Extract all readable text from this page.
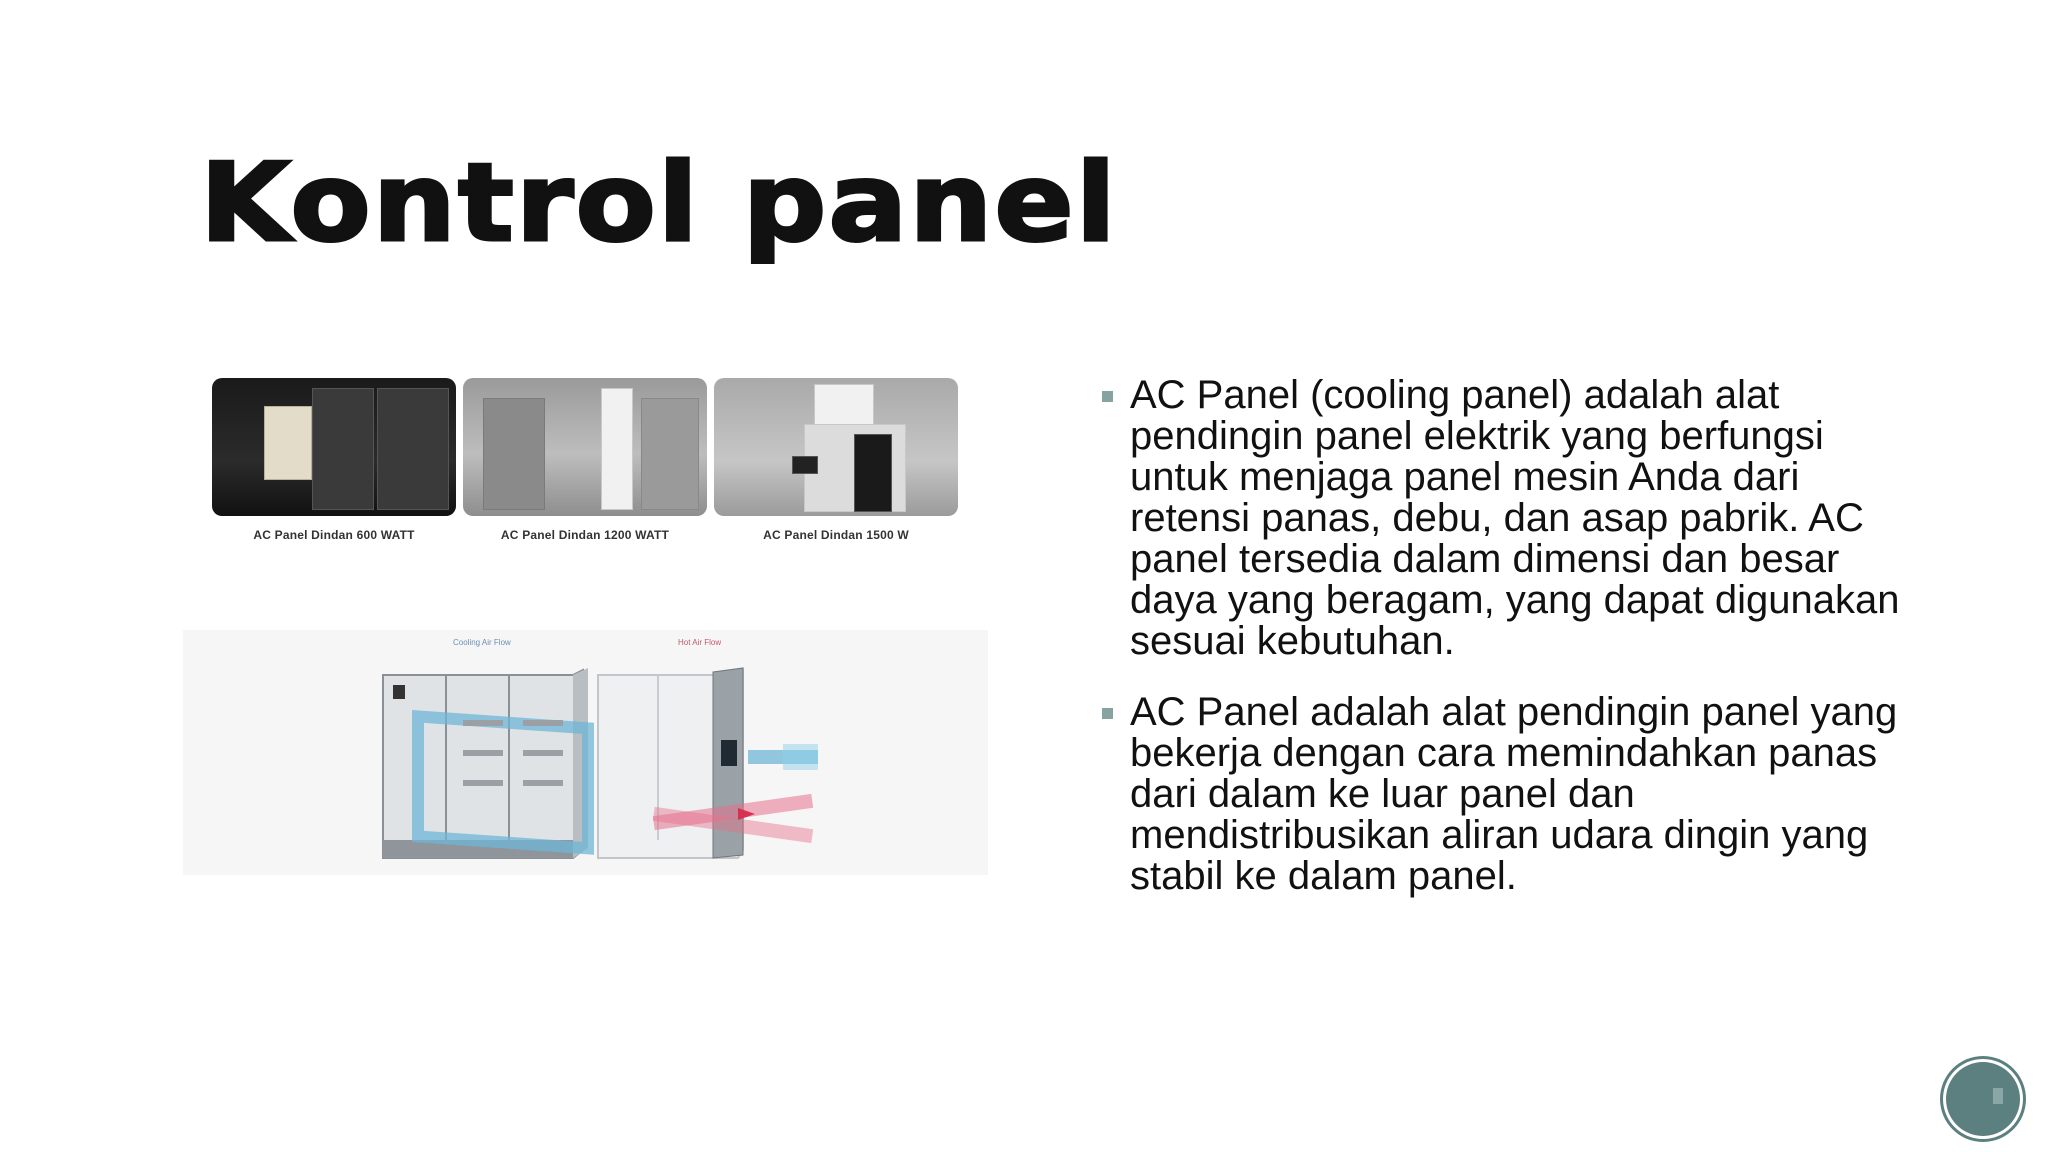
Kontrol panel
AC Panel Dindan 600 WATT	AC Panel Dindan 1200 WATT	AC Panel Dindan 1500 W
Cooling Air Flow	Hot Air Flow
AC Panel (cooling panel) adalah alat pendingin panel elektrik yang berfungsi untuk menjaga panel mesin Anda dari retensi panas, debu, dan asap pabrik. AC panel tersedia dalam dimensi dan besar daya yang beragam, yang dapat digunakan sesuai kebutuhan.
AC Panel adalah alat pendingin panel yang bekerja dengan cara memindahkan panas dari dalam ke luar panel dan mendistribusikan aliran udara dingin yang stabil ke dalam panel.
